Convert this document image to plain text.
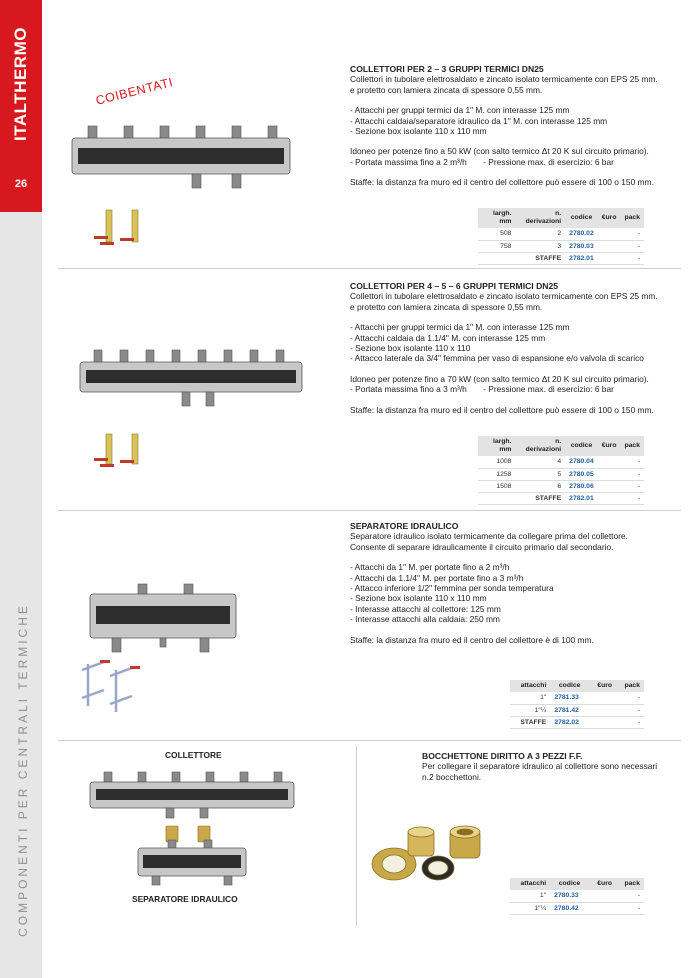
ITALTHERMO
26
COMPONENTI PER CENTRALI TERMICHE
COIBENTATI
COLLETTORI PER 2 – 3 GRUPPI TERMICI DN25

Collettori in tubolare elettrosaldato e zincato isolato termicamente con EPS 25 mm.

e protetto con lamiera zincata di spessore 0,55 mm.

- Attacchi per gruppi termici da 1" M. con interasse 125 mm

- Attacchi caldaia/separatore idraulico da 1" M. con interasse 125 mm

- Sezione box isolante 110 x 110 mm

Idoneo per potenze fino a 50 kW (con salto termico Δt 20 K sul circuito primario).

- Portata massima fino a 2 m³/h       - Pressione max. di esercizio: 6 bar

Staffe: la distanza fra muro ed il centro del collettore può essere di 100 o 150 mm.

largh. mm	n. derivazioni	codice	€uro	pack
508	2	2780.02		-
758	3	2780.03		-
STAFFE		2782.01		-
COLLETTORI PER 4 – 5 – 6 GRUPPI TERMICI DN25

Collettori in tubolare elettrosaldato e zincato isolato termicamente con EPS 25 mm.

e protetto con lamiera zincata di spessore 0,55 mm.

- Attacchi per gruppi termici da 1" M. con interasse 125 mm

- Attacchi caldaia da 1.1/4" M. con interasse 125 mm

- Sezione box isolante 110 x 110

- Attacco laterale da 3/4" femmina per vaso di espansione e/o valvola di scarico

Idoneo per potenze fino a 70 kW (con salto termico Δt 20 K sul circuito primario).

- Portata massima fino a 3 m³/h       - Pressione max. di esercizio: 6 bar

Staffe: la distanza fra muro ed il centro del collettore può essere di 100 o 150 mm.

largh. mm	n. derivazioni	codice	€uro	pack
1008	4	2780.04		-
1258	5	2780.05		-
1508	6	2780.06		-
STAFFE		2782.01		-
SEPARATORE IDRAULICO

Separatore idraulico isolato termicamente da collegare prima del collettore.

Consente di separare idraulicamente il circuito primario dal secondario.

- Attacchi da 1" M. per portate fino a 2 m³/h

- Attacchi da 1.1/4" M. per portate fino a 3 m³/h

- Attacco inferiore 1/2" femmina per sonda temperatura

- Sezione box isolante 110 x 110 mm

- Interasse attacchi al collettore: 125 mm

- Interasse attacchi alla caldaia: 250 mm

Staffe: la distanza fra muro ed il centro del collettore è di 100 mm.

attacchi	codice	€uro	pack
1"	2781.33		-
1"¼	2781.42		-
STAFFE	2782.02		-
COLLETTORE
SEPARATORE IDRAULICO
BOCCHETTONE DIRITTO A 3 PEZZI F.F.

Per collegare il separatore idraulico al collettore sono necessari

n.2 bocchettoni.

attacchi	codice	€uro	pack
1"	2780.33		-
1"¼	2780.42		-
